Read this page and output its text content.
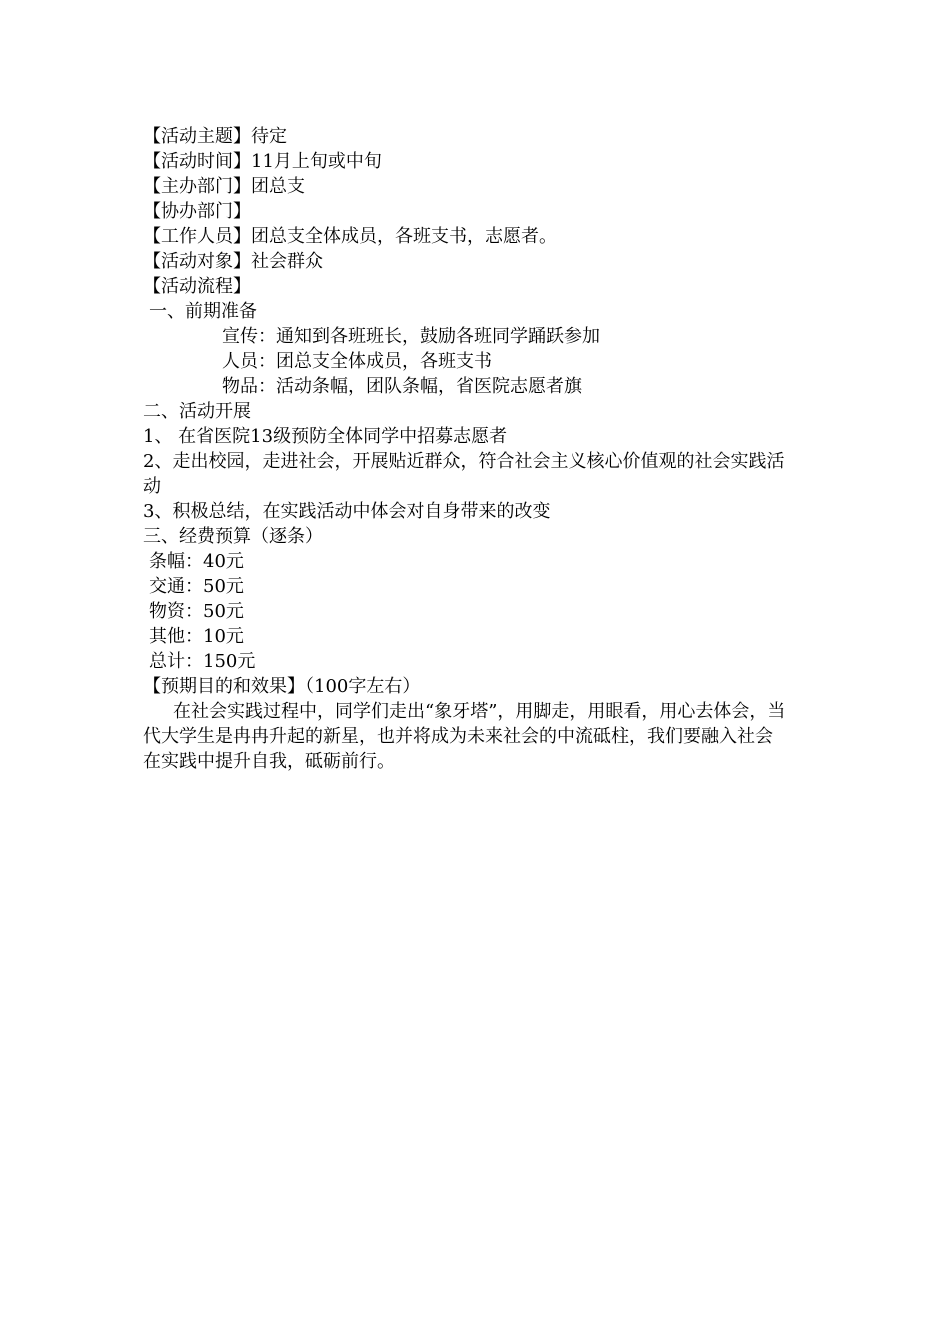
【活动主题】待定
【活动时间】11月上旬或中旬
【主办部门】团总支
【协办部门】
【工作人员】团总支全体成员，各班支书，志愿者。
【活动对象】社会群众
【活动流程】
一、前期准备
宣传：通知到各班班长，鼓励各班同学踊跃参加
人员：团总支全体成员，各班支书
物品：活动条幅，团队条幅，省医院志愿者旗
二、活动开展
1、 在省医院13级预防全体同学中招募志愿者
2、走出校园，走进社会，开展贴近群众，符合社会主义核心价值观的社会实践活
动
3、积极总结，在实践活动中体会对自身带来的改变
三、经费预算（逐条）
条幅：40元
交通：50元
物资：50元
其他：10元
总计：150元
【预期目的和效果】（100字左右）
在社会实践过程中，同学们走出“象牙塔”，用脚走，用眼看，用心去体会，当
代大学生是冉冉升起的新星，也并将成为未来社会的中流砥柱，我们要融入社会
在实践中提升自我，砥砺前行。
